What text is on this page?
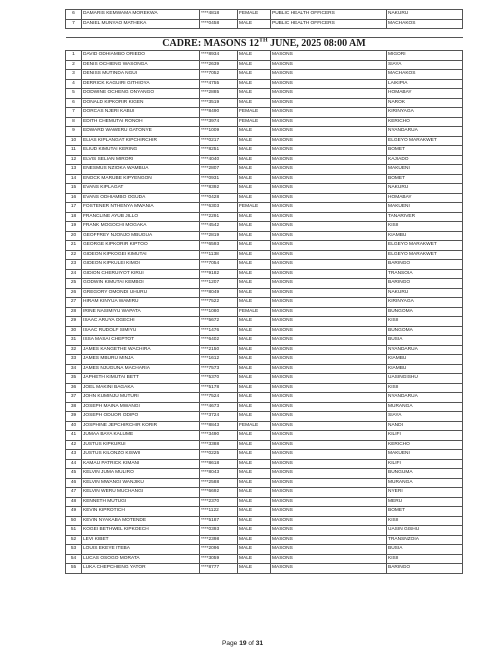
6	DAMARIS KEMWAMA MOREKWA	****4818	FEMALE	PUBLIC HEALTH OFFICERS	NAKURU
7	DANIEL MUNYAO MATHEKA	****0458	MALE	PUBLIC HEALTH OFFICERS	MACHAKOS

CADRE: MASONS 12TH JUNE, 2025 08:00 AM					
1	DAVID ODHIAMBO ORIEDO	****8934	MALE	MASONS	MIGORI
2	DENIS OCHIENG WASONGA	****2639	MALE	MASONS	SIAYA
3	DENISS MUTINDA NGUI	****7052	MALE	MASONS	MACHAKOS
4	DERRICK KAGUIRI GITHIOYA	****4755	MALE	MASONS	LAIKIPIA
5	DODWINE OCHENG ONYANGO	****2885	MALE	MASONS	HOMABAY
6	DONALD KIPKORIR KIGEN	****3519	MALE	MASONS	NAROK
7	DORCAS NJERI KABUI	****8490	FEMALE	MASONS	KIRINYAGA
8	EDITH CHEMUTAI RONOH	****3974	FEMALE	MASONS	KERICHO
9	EDWARD WAWERU GATONYE	****1009	MALE	MASONS	NYANDARUA
10	ELIAS KIPLANGAT KIPCHIRCHIR	****0217	MALE	MASONS	ELGEYO MARAKWET
11	ELIUD KIMUTAI KERING	****8251	MALE	MASONS	BOMET
12	ELVIS SELIAN MIRORI	****4040	MALE	MASONS	KAJIADO
13	ENESMUS NZIOKA WAMBUA	****2807	MALE	MASONS	MAKUENI
14	ENOCK MARUBE KIPYENGON	****0931	MALE	MASONS	BOMET
15	EVANS KIPLAGAT	****8392	MALE	MASONS	NAKURU
16	EVANS ODHIAMBO OGUDA	****0428	MALE	MASONS	HOMABAY
17	FOSTENER NTHENYA MWANIA	****6303	FEMALE	MASONS	MAKUENI
18	FRANCLINE AYUB JILLO	****2291	MALE	MASONS	TANARIVER
19	FRANK MOGOCHI MOGAKA	****4542	MALE	MASONS	KISII
20	GEOFFREY NJONJO MBUGUA	****2819	MALE	MASONS	KIAMBU
21	GEORGE KIPKORIR KIPTOO	****6593	MALE	MASONS	ELGEYO MARAKWET
22	GIDEON KIPKOGEI KIMUTAI	****1138	MALE	MASONS	ELGEYO MARAKWET
23	GIDEON KIPKULEI KIMOI	****7054	MALE	MASONS	BARINGO
24	GIDION CHERUIYOT KIRUI	****9182	MALE	MASONS	TRANSOIA
25	GODWIN KIMUTAI KEMBOI	****1207	MALE	MASONS	BARINGO
26	GREGORY OMONDI UHURU	****8049	MALE	MASONS	NAKURU
27	HIRAM KINYUA WAMIRU	****7522	MALE	MASONS	KIRINYAGA
28	IRINE NASIMIYU WAPATA	****1080	FEMALE	MASONS	BUNGOMA
29	ISAAC ARUYA OGECHI	****5672	MALE	MASONS	KISII
30	ISAAC RUDOLF SIMIYU	****1476	MALE	MASONS	BUNGOMA
31	ISSA MASAI CHEPTOT	****6402	MALE	MASONS	BUSIA
32	JAMES KANGETHE WACHIRA	****2150	MALE	MASONS	NYANDARUA
33	JAMES MBURU MINJA	****1612	MALE	MASONS	KIAMBU
34	JAMES NJUGUNA MACHARIA	****7573	MALE	MASONS	KIAMBU
35	JAPHETH KIMUTAI BETT	****5370	MALE	MASONS	UASINGISHU
36	JOEL MAKINI BAGAKA	****5178	MALE	MASONS	KISII
37	JOHN KUMINJU MUTURI	****7524	MALE	MASONS	NYANDARUA
38	JOSEPH MAINA MWANGI	****4673	MALE	MASONS	MURANGA
39	JOSEPH ODUOR ODIPO	****3724	MALE	MASONS	SIAYA
40	JOSPHINE JEPCHIRCHIR KORIR	****8843	FEMALE	MASONS	NANDI
41	JUMAA BAYA KALUME	****3490	MALE	MASONS	KILIFI
42	JUSTUS KIPKURUI	****3388	MALE	MASONS	KERICHO
43	JUSTUS KILONZO KISWII	****0225	MALE	MASONS	MAKUENI
44	KAMAU PATRICK KIMANI	****8618	MALE	MASONS	KILIFI
45	KELVIN JUMA MULIRO	****8043	MALE	MASONS	BUNGUMA
46	KELVIN MWANGI WANJIKU	****2588	MALE	MASONS	MURANGA
47	KELVIN WERU MUCHANGI	****6692	MALE	MASONS	NYERI
48	KENNETH MUTUGI	****2370	MALE	MASONS	MERU
49	KEVIN KIPROTICH	****1122	MALE	MASONS	BOMET
50	KEVIN NYAKABA MOTENDE	****5187	MALE	MASONS	KISII
51	KOGEI BETHWEL KIPKOECH	****0393	MALE	MASONS	UASIN GISHU
52	LEVI KIBET	****2398	MALE	MASONS	TRANSNZOIA
53	LOUIS EKEYE ITEBA	****2096	MALE	MASONS	BUSIA
54	LUCAS OSOGO MORATA	****3059	MALE	MASONS	KISII
55	LUKA CHEPCHIENG YATOR	****8777	MALE	MASONS	BARINGO
Page 19 of 31
